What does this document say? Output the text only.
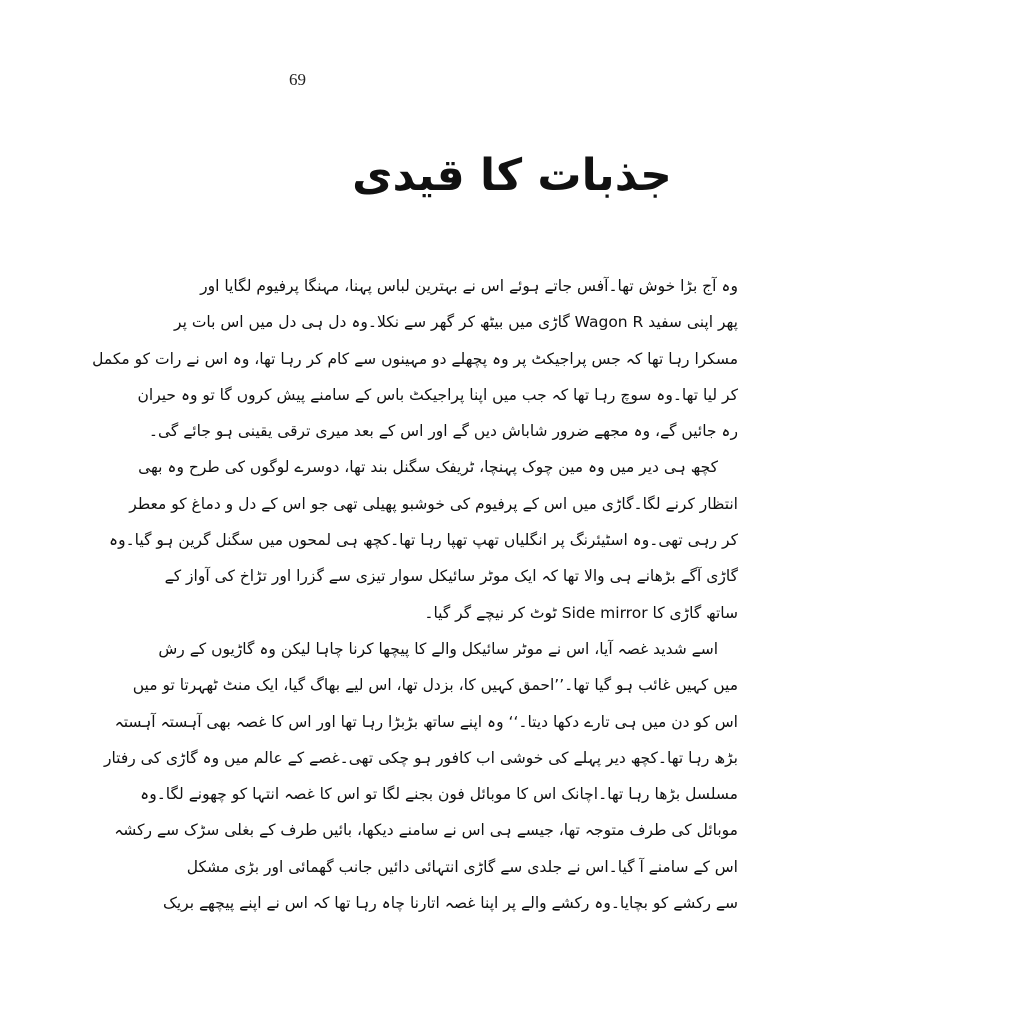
69
جذبات کا قیدی
وہ آج بڑا خوش تھا۔آفس جاتے ہوئے اس نے بہترین لباس پہنا، مہنگا پرفیوم لگایا اور
پھر اپنی سفید Wagon R گاڑی میں بیٹھ کر گھر سے نکلا۔وہ دل ہی دل میں اس بات پر
مسکرا رہا تھا کہ جس پراجیکٹ پر وہ پچھلے دو مہینوں سے کام کر رہا تھا، وہ اس نے رات کو مکمل
کر لیا تھا۔وہ سوچ رہا تھا کہ جب میں اپنا پراجیکٹ باس کے سامنے پیش کروں گا تو وہ حیران
رہ جائیں گے، وہ مجھے ضرور شاباش دیں گے اور اس کے بعد میری ترقی یقینی ہو جائے گی۔
کچھ ہی دیر میں وہ مین چوک پہنچا، ٹریفک سگنل بند تھا، دوسرے لوگوں کی طرح وہ بھی
انتظار کرنے لگا۔گاڑی میں اس کے پرفیوم کی خوشبو پھیلی تھی جو اس کے دل و دماغ کو معطر
کر رہی تھی۔وہ اسٹیئرنگ پر انگلیاں تھپ تھپا رہا تھا۔کچھ ہی لمحوں میں سگنل گرین ہو گیا۔وہ
گاڑی آگے بڑھانے ہی والا تھا کہ ایک موٹر سائیکل سوار تیزی سے گزرا اور تڑاخ کی آواز کے
ساتھ گاڑی کا Side mirror ٹوٹ کر نیچے گر گیا۔
اسے شدید غصہ آیا، اس نے موٹر سائیکل والے کا پیچھا کرنا چاہا لیکن وہ گاڑیوں کے رش
میں کہیں غائب ہو گیا تھا۔’’احمق کہیں کا، بزدل تھا، اس لیے بھاگ گیا، ایک منٹ ٹھہرتا تو میں
اس کو دن میں ہی تارے دکھا دیتا۔‘‘ وہ اپنے ساتھ بڑبڑا رہا تھا اور اس کا غصہ بھی آہستہ آہستہ
بڑھ رہا تھا۔کچھ دیر پہلے کی خوشی اب کافور ہو چکی تھی۔غصے کے عالم میں وہ گاڑی کی رفتار
مسلسل بڑھا رہا تھا۔اچانک اس کا موبائل فون بجنے لگا تو اس کا غصہ انتہا کو چھونے لگا۔وہ
موبائل کی طرف متوجہ تھا، جیسے ہی اس نے سامنے دیکھا، بائیں طرف کے بغلی سڑک سے رکشہ
اس کے سامنے آ گیا۔اس نے جلدی سے گاڑی انتہائی دائیں جانب گھمائی اور بڑی مشکل
سے رکشے کو بچایا۔وہ رکشے والے پر اپنا غصہ اتارنا چاہ رہا تھا کہ اس نے اپنے پیچھے بریک
